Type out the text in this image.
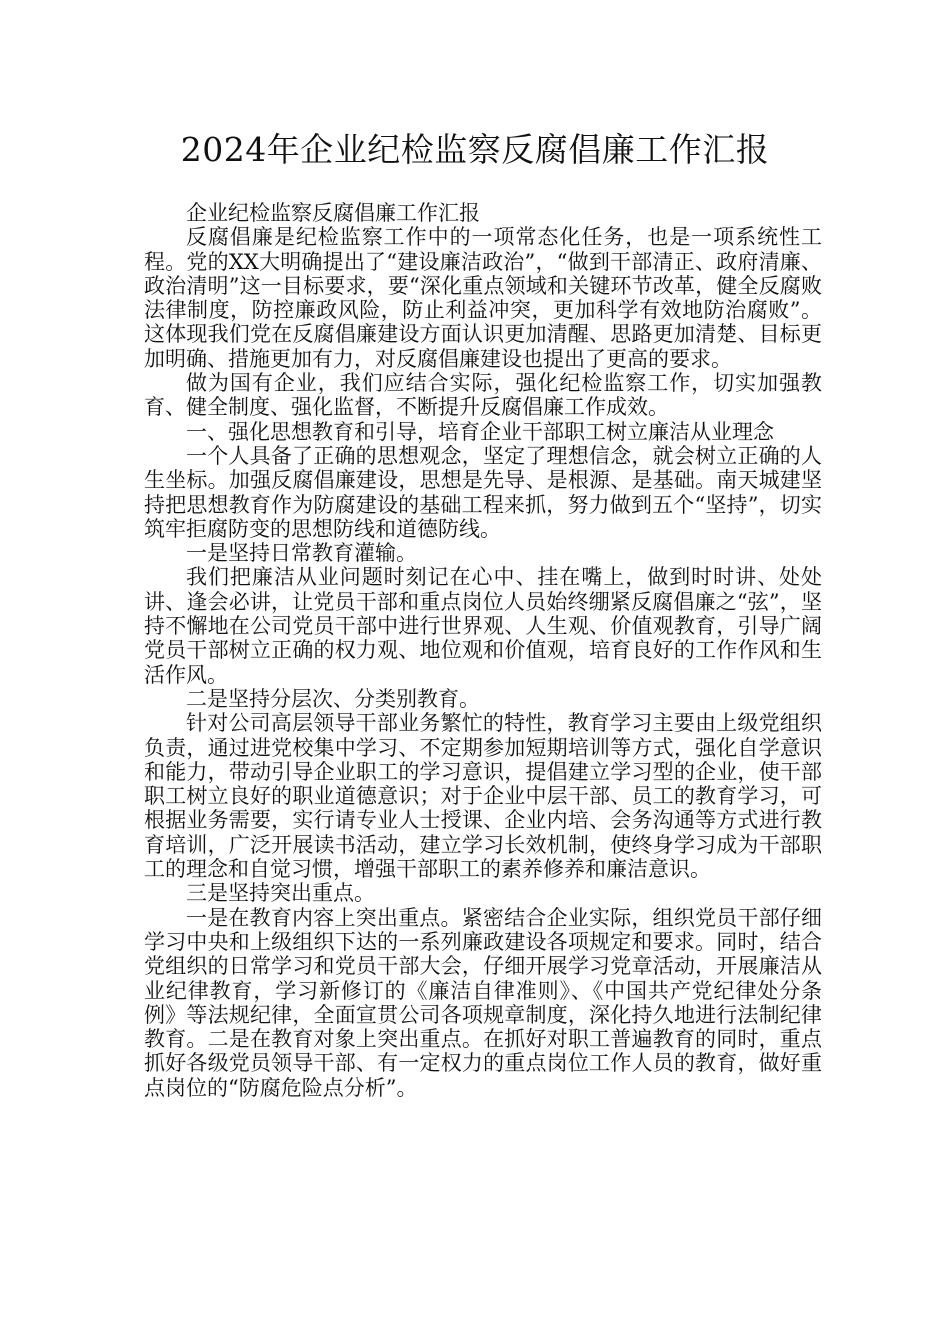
2024年企业纪检监察反腐倡廉工作汇报

企业纪检监察反腐倡廉工作汇报

反腐倡廉是纪检监察工作中的一项常态化任务，也是一项系统性工程。党的XX大明确提出了“建设廉洁政治”，“做到干部清正、政府清廉、政治清明”这一目标要求，要“深化重点领域和关键环节改革，健全反腐败法律制度，防控廉政风险，防止利益冲突，更加科学有效地防治腐败”。这体现我们党在反腐倡廉建设方面认识更加清醒、思路更加清楚、目标更加明确、措施更加有力，对反腐倡廉建设也提出了更高的要求。

做为国有企业，我们应结合实际，强化纪检监察工作，切实加强教育、健全制度、强化监督，不断提升反腐倡廉工作成效。

一、强化思想教育和引导，培育企业干部职工树立廉洁从业理念

一个人具备了正确的思想观念，坚定了理想信念，就会树立正确的人生坐标。加强反腐倡廉建设，思想是先导、是根源、是基础。南天城建坚持把思想教育作为防腐建设的基础工程来抓，努力做到五个“坚持”，切实筑牢拒腐防变的思想防线和道德防线。

一是坚持日常教育灌输。

我们把廉洁从业问题时刻记在心中、挂在嘴上，做到时时讲、处处讲、逢会必讲，让党员干部和重点岗位人员始终绷紧反腐倡廉之“弦”，坚持不懈地在公司党员干部中进行世界观、人生观、价值观教育，引导广阔党员干部树立正确的权力观、地位观和价值观，培育良好的工作作风和生活作风。

二是坚持分层次、分类别教育。

针对公司高层领导干部业务繁忙的特性，教育学习主要由上级党组织负责，通过进党校集中学习、不定期参加短期培训等方式，强化自学意识和能力，带动引导企业职工的学习意识，提倡建立学习型的企业，使干部职工树立良好的职业道德意识；对于企业中层干部、员工的教育学习，可根据业务需要，实行请专业人士授课、企业内培、会务沟通等方式进行教育培训，广泛开展读书活动，建立学习长效机制，使终身学习成为干部职工的理念和自觉习惯，增强干部职工的素养修养和廉洁意识。

三是坚持突出重点。

一是在教育内容上突出重点。紧密结合企业实际，组织党员干部仔细学习中央和上级组织下达的一系列廉政建设各项规定和要求。同时，结合党组织的日常学习和党员干部大会，仔细开展学习党章活动，开展廉洁从业纪律教育，学习新修订的《廉洁自律准则》、《中国共产党纪律处分条例》等法规纪律，全面宣贯公司各项规章制度，深化持久地进行法制纪律教育。二是在教育对象上突出重点。在抓好对职工普遍教育的同时，重点抓好各级党员领导干部、有一定权力的重点岗位工作人员的教育，做好重点岗位的“防腐危险点分析”。
